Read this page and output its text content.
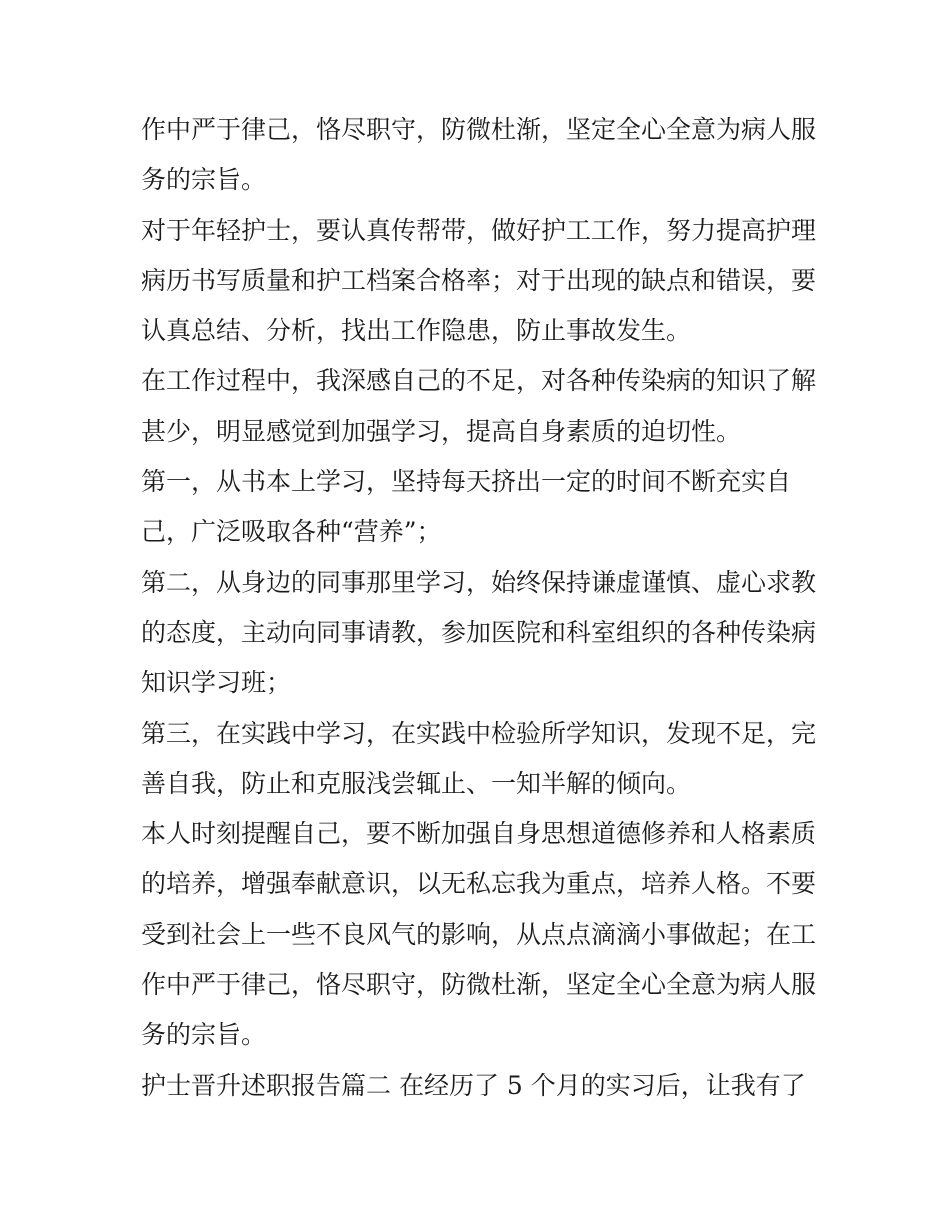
作中严于律己，恪尽职守，防微杜渐，坚定全心全意为病人服
务的宗旨。
对于年轻护士，要认真传帮带，做好护工工作，努力提高护理
病历书写质量和护工档案合格率；对于出现的缺点和错误，要
认真总结、分析，找出工作隐患，防止事故发生。
在工作过程中，我深感自己的不足，对各种传染病的知识了解
甚少，明显感觉到加强学习，提高自身素质的迫切性。
第一，从书本上学习，坚持每天挤出一定的时间不断充实自
己，广泛吸取各种“营养”；
第二，从身边的同事那里学习，始终保持谦虚谨慎、虚心求教
的态度，主动向同事请教，参加医院和科室组织的各种传染病
知识学习班；
第三，在实践中学习，在实践中检验所学知识，发现不足，完
善自我，防止和克服浅尝辄止、一知半解的倾向。
本人时刻提醒自己，要不断加强自身思想道德修养和人格素质
的培养，增强奉献意识，以无私忘我为重点，培养人格。不要
受到社会上一些不良风气的影响，从点点滴滴小事做起；在工
作中严于律己，恪尽职守，防微杜渐，坚定全心全意为病人服
务的宗旨。
护士晋升述职报告篇二 在经历了 5 个月的实习后，让我有了
